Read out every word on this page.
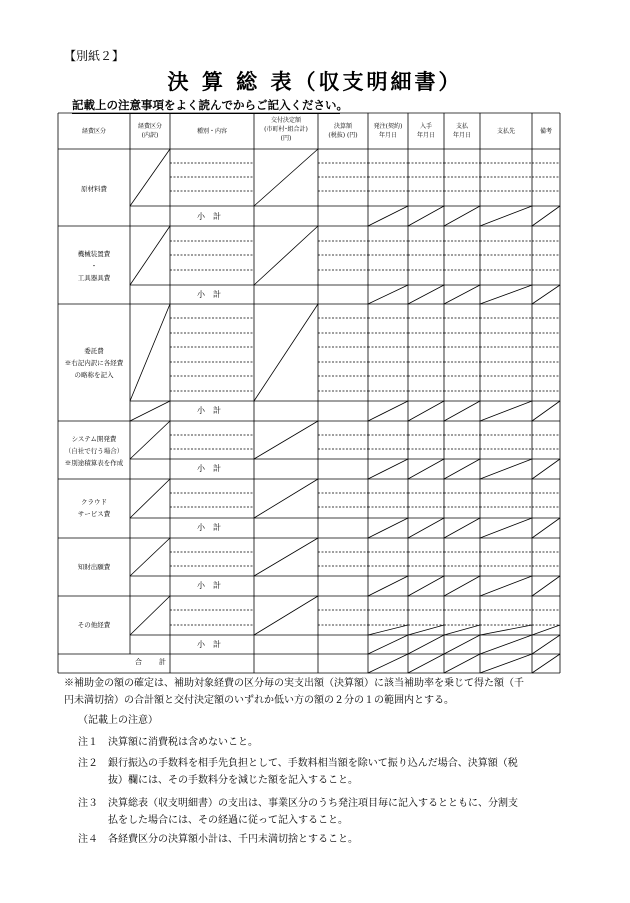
【別紙２】
決 算 総 表（収支明細書）
記載上の注意事項をよく読んでからご記入ください。
経費区分
経費区分
(内訳)
種別・内容
交付決定額
(市町村･組合計)
(円)
決算額
(税抜) (円)
発注(契約)
年月日
入手
年月日
支払
年月日
支払先	備考
原材料費
機械装置費
・
工具器具費
委託費
※右記内訳に各経費
の略称を記入
システム開発費
（自社で行う場合）
※別途積算表を作成
クラウド
サービス費
知財出願費
その他経費
小計
小計
小計
小計
小計
小計
小計
合　　計
※補助金の額の確定は、補助対象経費の区分毎の実支出額（決算額）に該当補助率を乗じて得た額（千
円未満切捨）の合計額と交付決定額のいずれか低い方の額の２分の１の範囲内とする。
（記載上の注意）
注１ 決算額に消費税は含めないこと。
注２ 銀行振込の手数料を相手先負担として、手数料相当額を除いて振り込んだ場合、決算額（税
抜）欄には、その手数料分を減じた額を記入すること。
注３ 決算総表（収支明細書）の支出は、事業区分のうち発注項目毎に記入するとともに、分割支
払をした場合には、その経過に従って記入すること。
注４ 各経費区分の決算額小計は、千円未満切捨とすること。
